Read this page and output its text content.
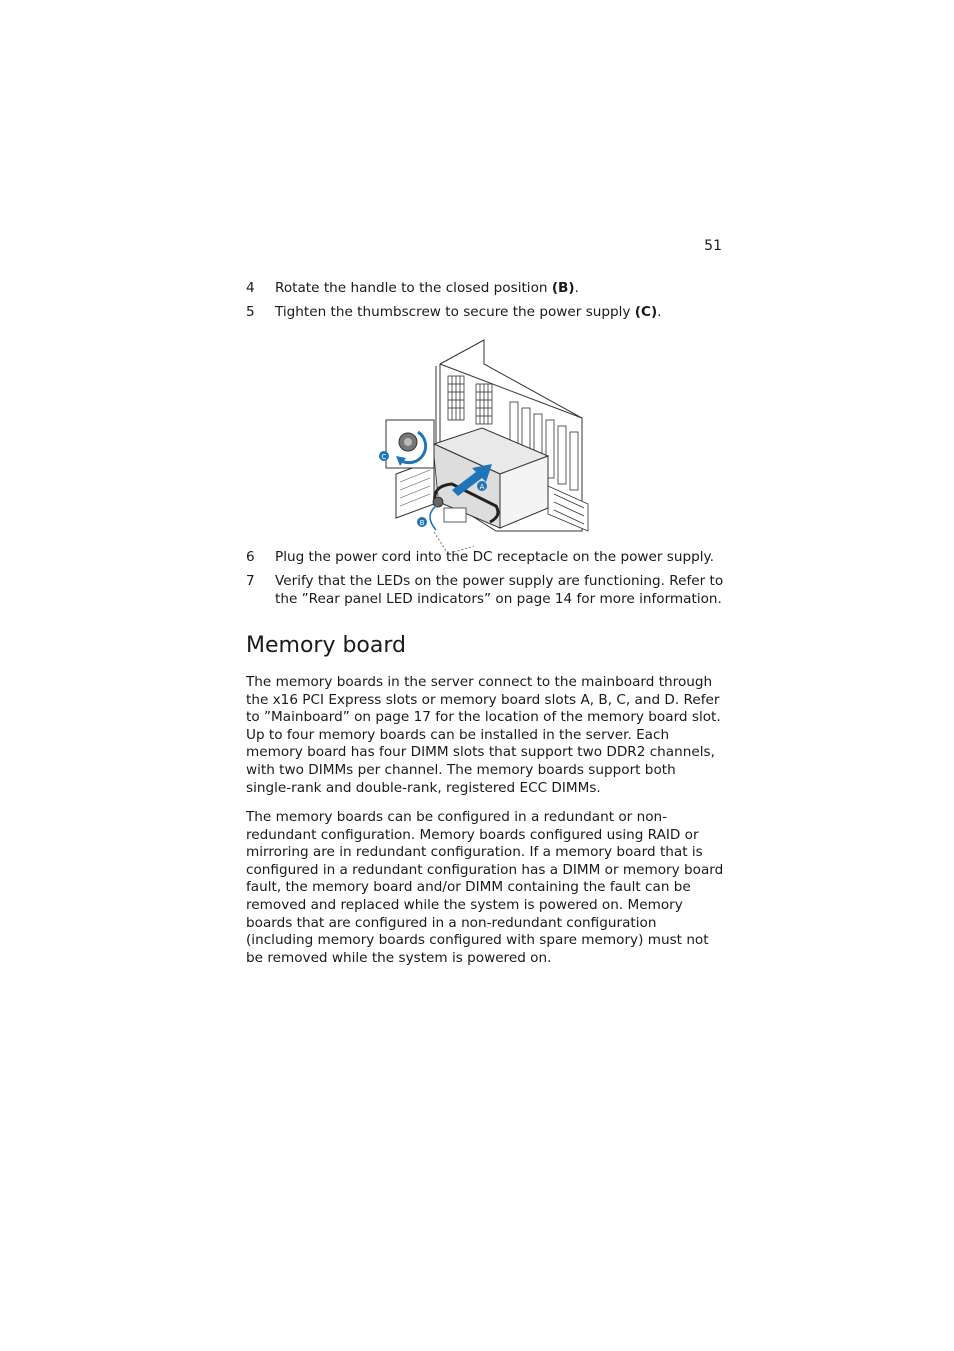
51
4	Rotate the handle to the closed position (B).
5	Tighten the thumbscrew to secure the power supply (C).
A
B
C
6	Plug the power cord into the DC receptacle on the power supply.
7	Verify that the LEDs on the power supply are functioning. Refer to the ”Rear panel LED indicators” on page 14 for more information.
Memory board

The memory boards in the server connect to the mainboard through the x16 PCI Express slots or memory board slots A, B, C, and D. Refer to ”Mainboard” on page 17 for the location of the memory board slot. Up to four memory boards can be installed in the server. Each memory board has four DIMM slots that support two DDR2 channels, with two DIMMs per channel. The memory boards support both single-rank and double-rank, registered ECC DIMMs.

The memory boards can be configured in a redundant or non-redundant configuration. Memory boards configured using RAID or mirroring are in redundant configuration. If a memory board that is configured in a redundant configuration has a DIMM or memory board fault, the memory board and/or DIMM containing the fault can be removed and replaced while the system is powered on. Memory boards that are configured in a non-redundant configuration (including memory boards configured with spare memory) must not be removed while the system is powered on.
